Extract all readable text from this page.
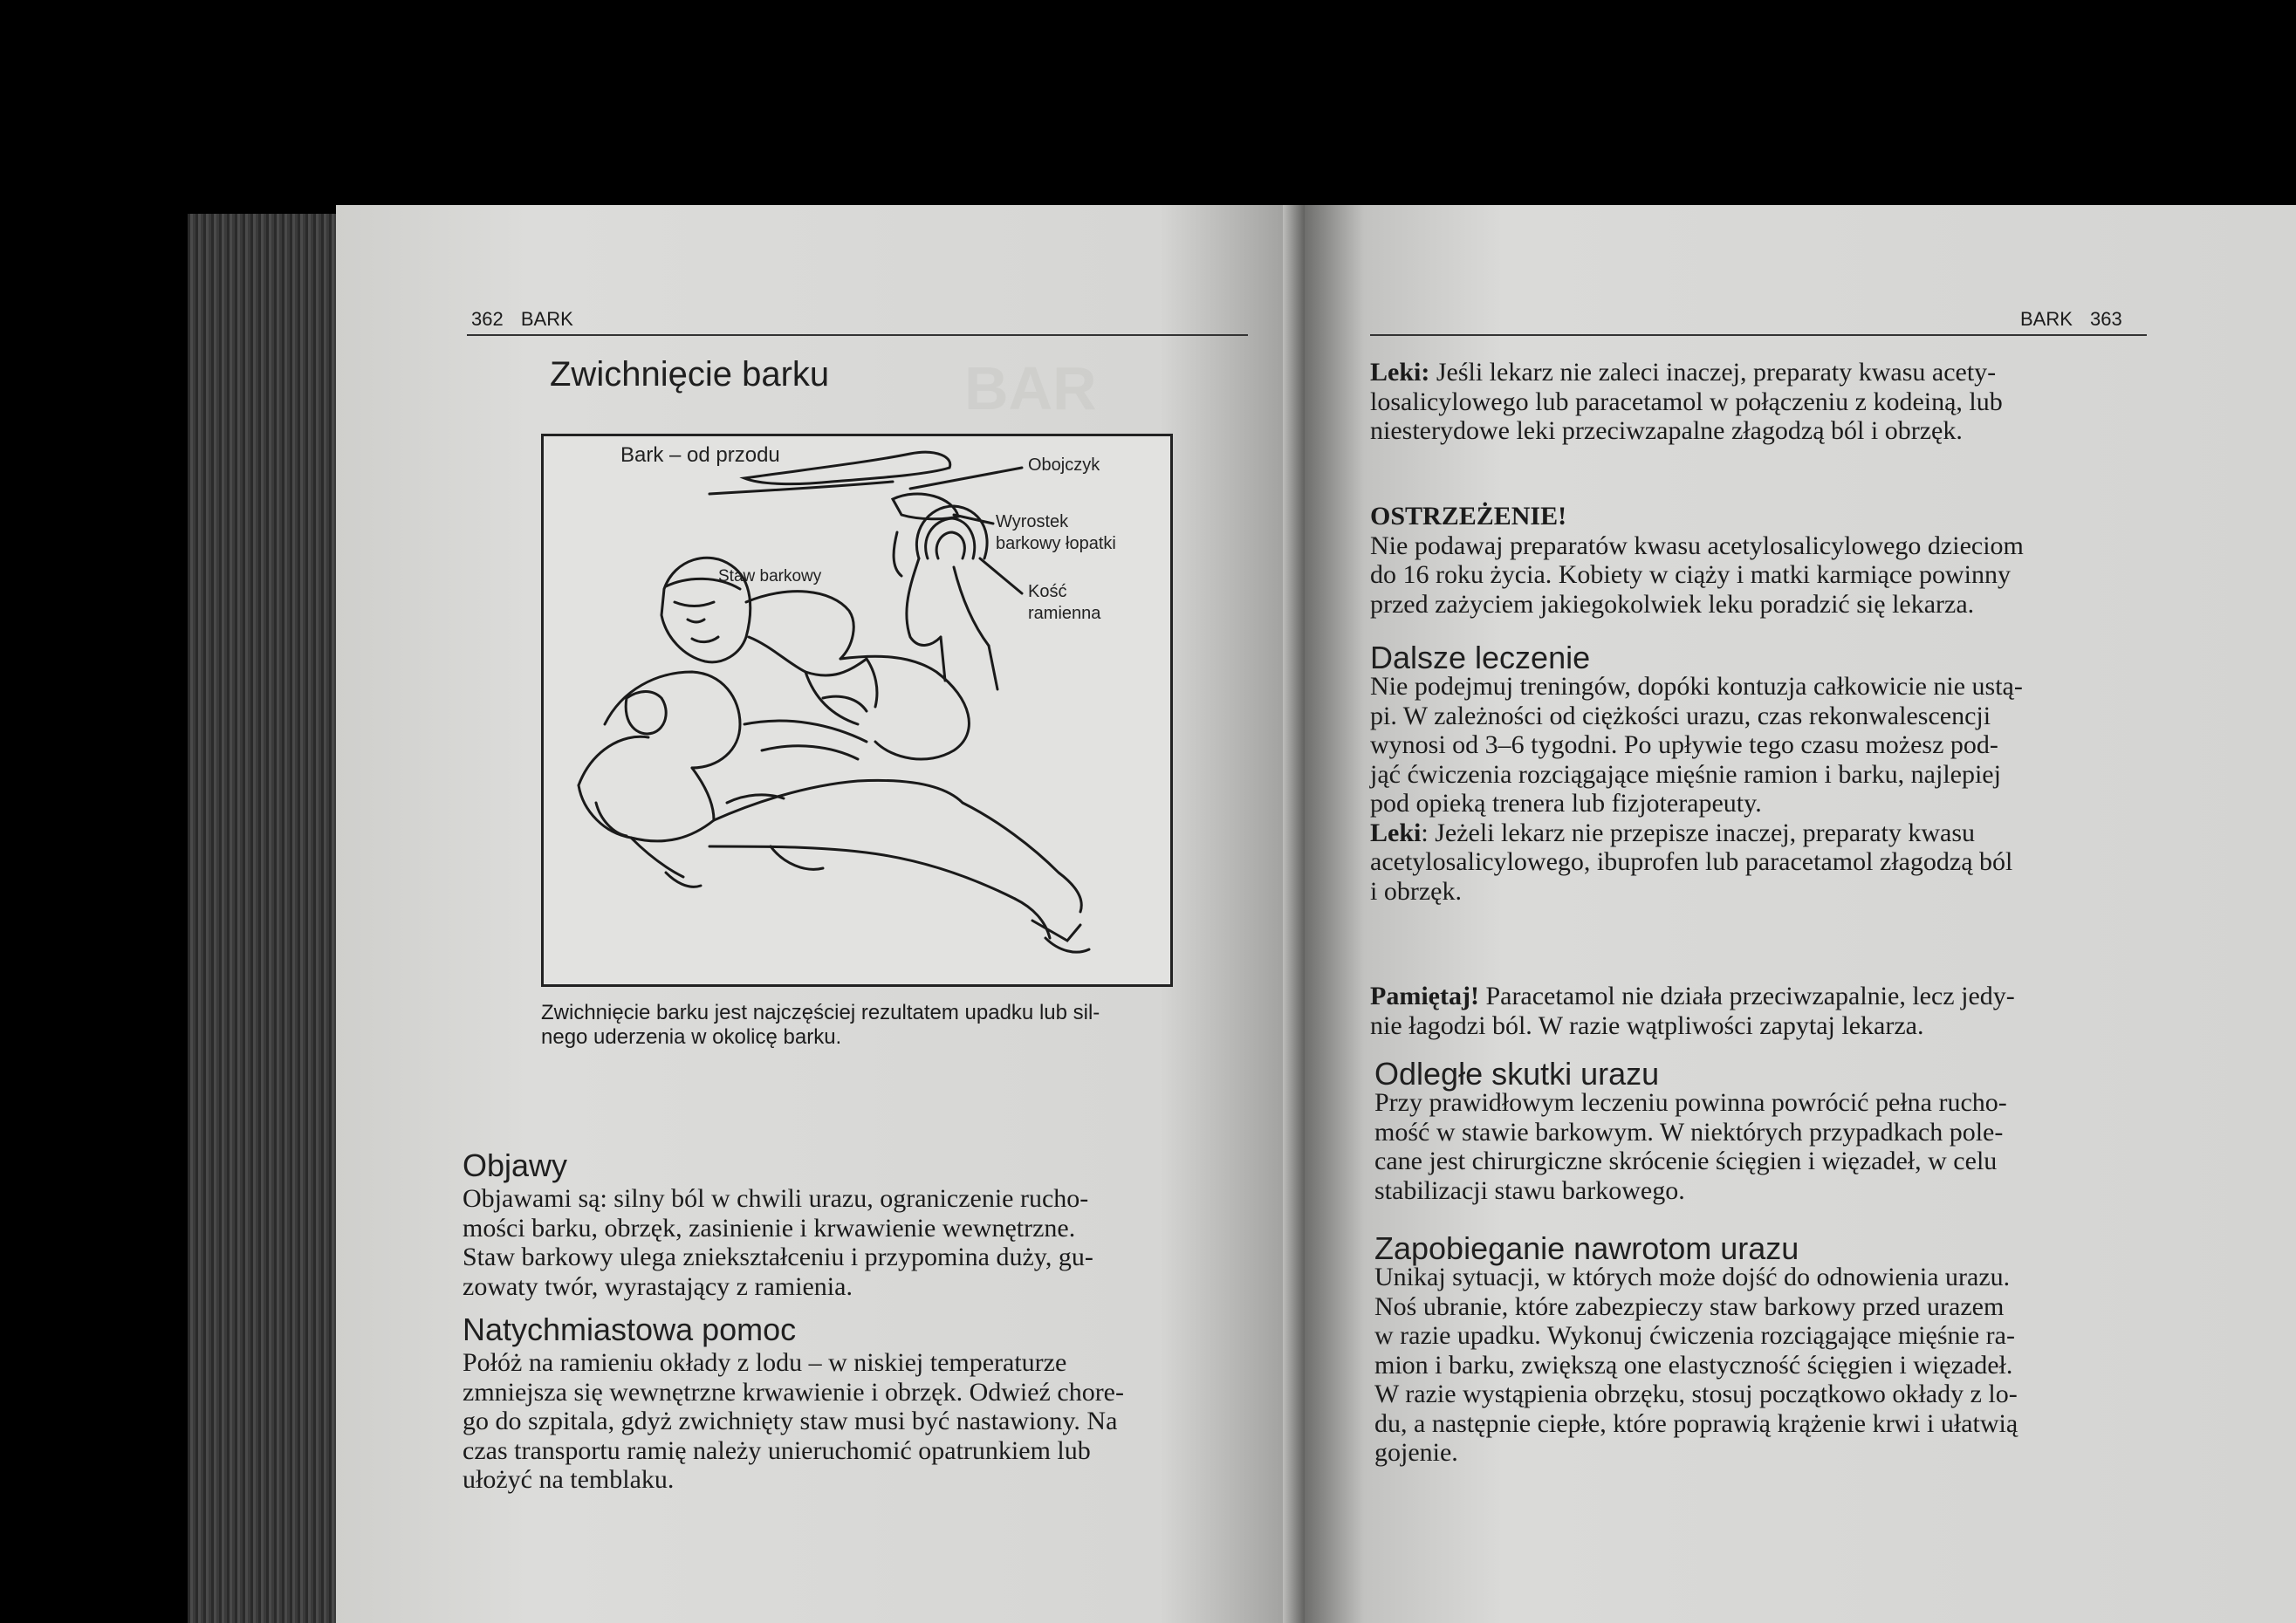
BAR
362 BARK
Zwichnięcie barku
Bark – od przodu	Obojczyk
Wyrostek
barkowy łopatki
Staw barkowy
Kość
ramienna
Zwichnięcie barku jest najczęściej rezultatem upadku lub sil-
nego uderzenia w okolicę barku.
Objawy
Objawami są: silny ból w chwili urazu, ograniczenie rucho-
mości barku, obrzęk, zasinienie i krwawienie wewnętrzne.
Staw barkowy ulega zniekształceniu i przypomina duży, gu-
zowaty twór, wyrastający z ramienia.
Natychmiastowa pomoc
Połóż na ramieniu okłady z lodu – w niskiej temperaturze
zmniejsza się wewnętrzne krwawienie i obrzęk. Odwieź chore-
go do szpitala, gdyż zwichnięty staw musi być nastawiony. Na
czas transportu ramię należy unieruchomić opatrunkiem lub
ułożyć na temblaku.
BARK 363
Leki: Jeśli lekarz nie zaleci inaczej, preparaty kwasu acety-
losalicylowego lub paracetamol w połączeniu z kodeiną, lub
niesterydowe leki przeciwzapalne złagodzą ból i obrzęk.
OSTRZEŻENIE!
Nie podawaj preparatów kwasu acetylosalicylowego dzieciom
do 16 roku życia. Kobiety w ciąży i matki karmiące powinny
przed zażyciem jakiegokolwiek leku poradzić się lekarza.
Dalsze leczenie
Nie podejmuj treningów, dopóki kontuzja całkowicie nie ustą-
pi. W zależności od ciężkości urazu, czas rekonwalescencji
wynosi od 3–6 tygodni. Po upływie tego czasu możesz pod-
jąć ćwiczenia rozciągające mięśnie ramion i barku, najlepiej
pod opieką trenera lub fizjoterapeuty.
Leki: Jeżeli lekarz nie przepisze inaczej, preparaty kwasu
acetylosalicylowego, ibuprofen lub paracetamol złagodzą ból
i obrzęk.
Pamiętaj! Paracetamol nie działa przeciwzapalnie, lecz jedy-
nie łagodzi ból. W razie wątpliwości zapytaj lekarza.
Odległe skutki urazu
Przy prawidłowym leczeniu powinna powrócić pełna rucho-
mość w stawie barkowym. W niektórych przypadkach pole-
cane jest chirurgiczne skrócenie ścięgien i więzadeł, w celu
stabilizacji stawu barkowego.
Zapobieganie nawrotom urazu
Unikaj sytuacji, w których może dojść do odnowienia urazu.
Noś ubranie, które zabezpieczy staw barkowy przed urazem
w razie upadku. Wykonuj ćwiczenia rozciągające mięśnie ra-
mion i barku, zwiększą one elastyczność ścięgien i więzadeł.
W razie wystąpienia obrzęku, stosuj początkowo okłady z lo-
du, a następnie ciepłe, które poprawią krążenie krwi i ułatwią
gojenie.
